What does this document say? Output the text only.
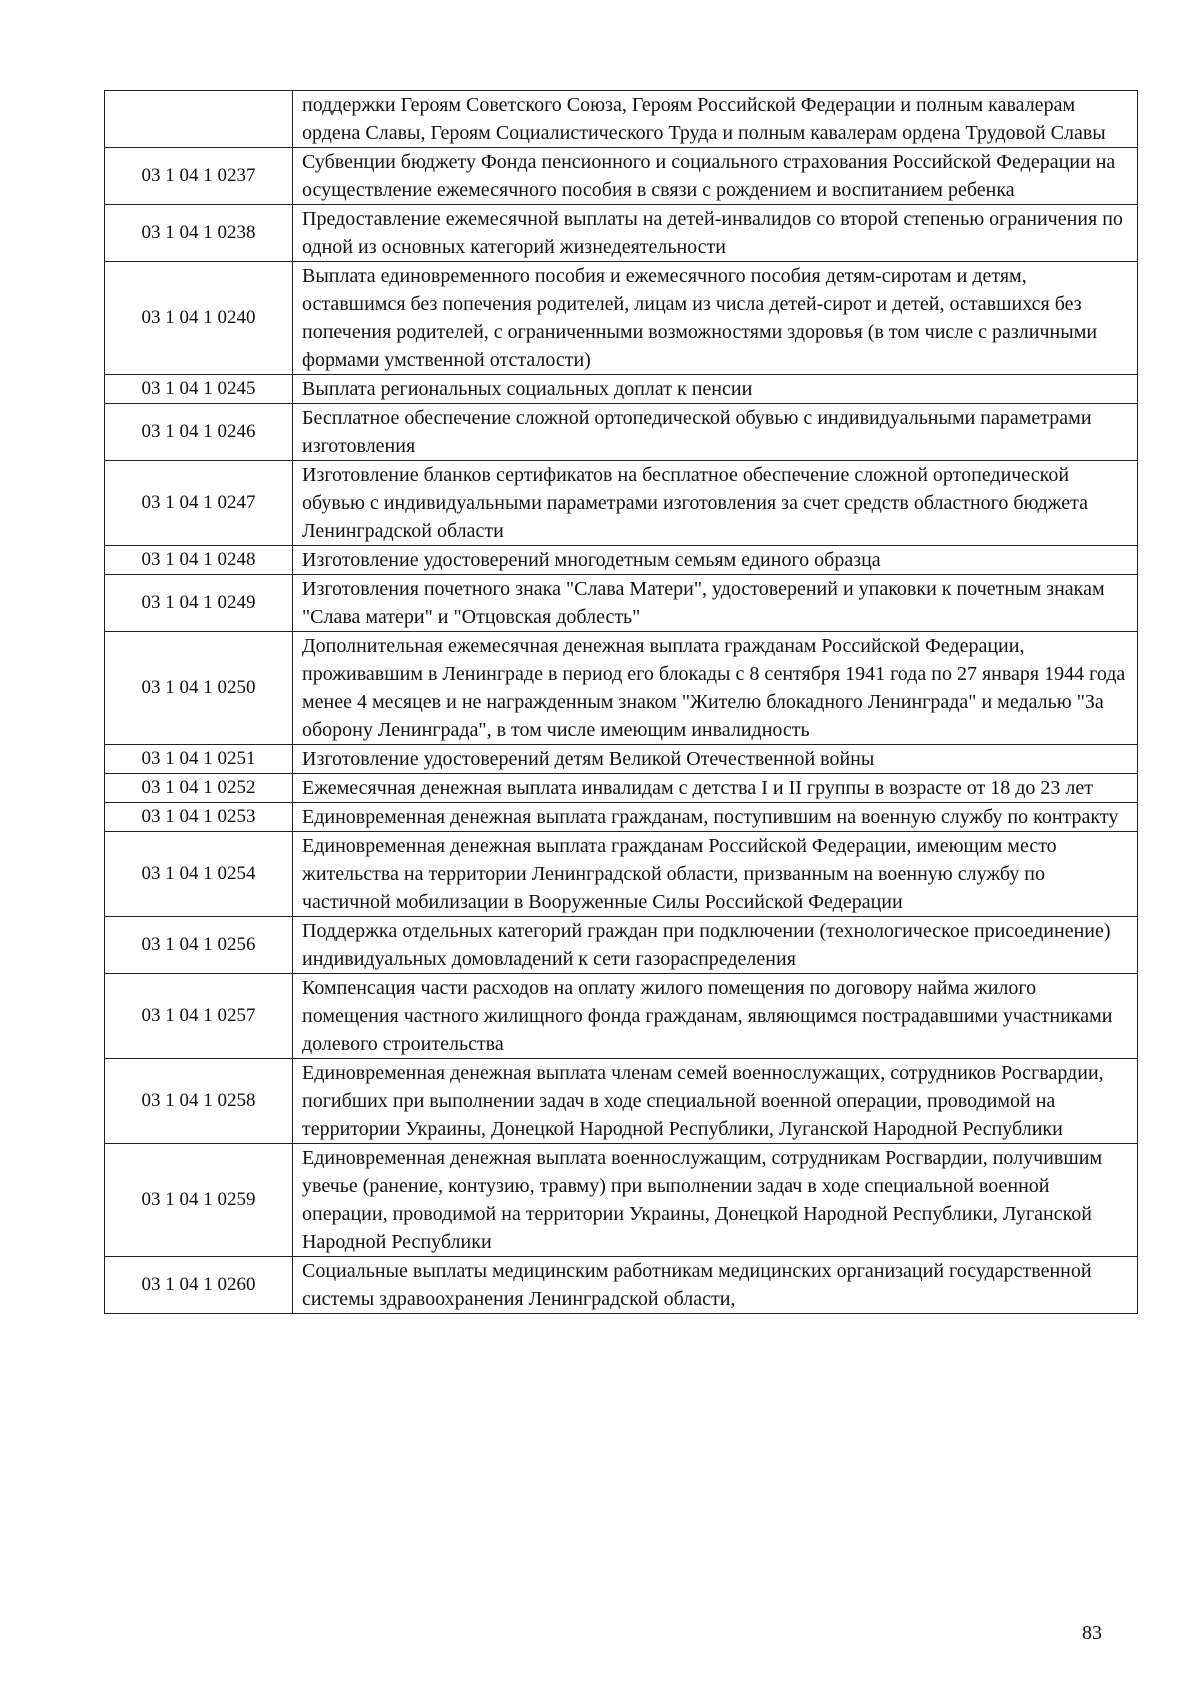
	поддержки Героям Советского Союза, Героям Российской Федерации и полным кавалерам ордена Славы, Героям Социалистического Труда и полным кавалерам ордена Трудовой Славы
03 1 04 1 0237	Субвенции бюджету Фонда пенсионного и социального страхования Российской Федерации на осуществление ежемесячного пособия в связи с рождением и воспитанием ребенка
03 1 04 1 0238	Предоставление ежемесячной выплаты на детей-инвалидов со второй степенью ограничения по одной из основных категорий жизнедеятельности
03 1 04 1 0240	Выплата единовременного пособия и ежемесячного пособия детям-сиротам и детям, оставшимся без попечения родителей, лицам из числа детей-сирот и детей, оставшихся без попечения родителей, с ограниченными возможностями здоровья (в том числе с различными формами умственной отсталости)
03 1 04 1 0245	Выплата региональных социальных доплат к пенсии
03 1 04 1 0246	Бесплатное обеспечение сложной ортопедической обувью с индивидуальными параметрами изготовления
03 1 04 1 0247	Изготовление бланков сертификатов на бесплатное обеспечение сложной ортопедической обувью с индивидуальными параметрами изготовления за счет средств областного бюджета Ленинградской области
03 1 04 1 0248	Изготовление удостоверений многодетным семьям единого образца
03 1 04 1 0249	Изготовления почетного знака "Слава Матери", удостоверений и упаковки к почетным знакам "Слава матери" и "Отцовская доблесть"
03 1 04 1 0250	Дополнительная ежемесячная денежная выплата гражданам Российской Федерации, проживавшим в Ленинграде в период его блокады с 8 сентября 1941 года по 27 января 1944 года менее 4 месяцев и не награжденным знаком "Жителю блокадного Ленинграда" и медалью "За оборону Ленинграда", в том числе имеющим инвалидность
03 1 04 1 0251	Изготовление удостоверений детям Великой Отечественной войны
03 1 04 1 0252	Ежемесячная денежная выплата инвалидам с детства I и II группы в возрасте от 18 до 23 лет
03 1 04 1 0253	Единовременная денежная выплата гражданам, поступившим на военную службу по контракту
03 1 04 1 0254	Единовременная денежная выплата гражданам Российской Федерации, имеющим место жительства на территории Ленинградской области, призванным на военную службу по частичной мобилизации в Вооруженные Силы Российской Федерации
03 1 04 1 0256	Поддержка отдельных категорий граждан при подключении (технологическое присоединение) индивидуальных домовладений к сети газораспределения
03 1 04 1 0257	Компенсация части расходов на оплату жилого помещения по договору найма жилого помещения частного жилищного фонда гражданам, являющимся пострадавшими участниками долевого строительства
03 1 04 1 0258	Единовременная денежная выплата членам семей военнослужащих, сотрудников Росгвардии, погибших при выполнении задач в ходе специальной военной операции, проводимой на территории Украины, Донецкой Народной Республики, Луганской Народной Республики
03 1 04 1 0259	Единовременная денежная выплата военнослужащим, сотрудникам Росгвардии, получившим увечье (ранение, контузию, травму) при выполнении задач в ходе специальной военной операции, проводимой на территории Украины, Донецкой Народной Республики, Луганской Народной Республики
03 1 04 1 0260	Социальные выплаты медицинским работникам медицинских организаций государственной системы здравоохранения Ленинградской области,
83
